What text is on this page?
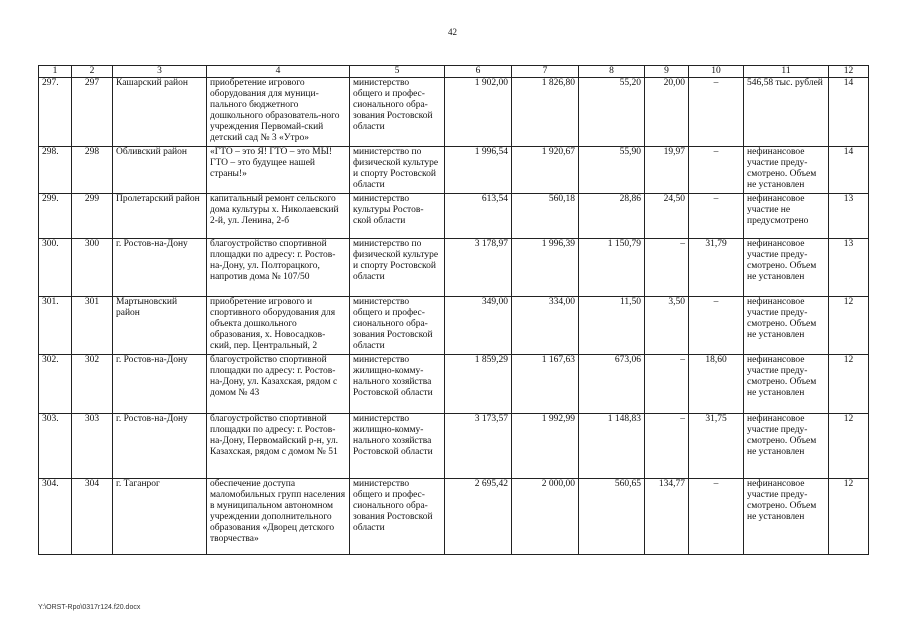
42
1	2	3	4	5	6	7	8	9	10	11	12
297.	297	Кашарский район	приобретение игрового оборудования для муници-пального бюджетного дошкольного образователь-ного учреждения Первомай-ский детский сад № 3 «Утро»	министерство общего и профес-сионального обра-зования Ростовской области	1 902,00	1 826,80	55,20	20,00	–	546,58 тыс. рублей	14
298.	298	Обливский район	«ГТО – это Я! ГТО – это МЫ! ГТО – это будущее нашей страны!»	министерство по физической культуре и спорту Ростовской области	1 996,54	1 920,67	55,90	19,97	–	нефинансовое участие преду-смотрено. Объем не установлен	14
299.	299	Пролетарский район	капитальный ремонт сельского дома культуры х. Николаевский 2-й, ул. Ленина, 2-б	министерство культуры Ростов-ской области	613,54	560,18	28,86	24,50	–	нефинансовое участие не предусмотрено	13
300.	300	г. Ростов-на-Дону	благоустройство спортивной площадки по адресу: г. Ростов-на-Дону, ул. Полторацкого, напротив дома № 107/50	министерство по физической культуре и спорту Ростовской области	3 178,97	1 996,39	1 150,79	–	31,79	нефинансовое участие преду-смотрено. Объем не установлен	13
301.	301	Мартыновский район	приобретение игрового и спортивного оборудования для объекта дошкольного образования, х. Новосадков-ский, пер. Центральный, 2	министерство общего и профес-сионального обра-зования Ростовской области	349,00	334,00	11,50	3,50	–	нефинансовое участие преду-смотрено. Объем не установлен	12
302.	302	г. Ростов-на-Дону	благоустройство спортивной площадки по адресу: г. Ростов-на-Дону, ул. Казахская, рядом с домом № 43	министерство жилищно-комму-нального хозяйства Ростовской области	1 859,29	1 167,63	673,06	–	18,60	нефинансовое участие преду-смотрено. Объем не установлен	12
303.	303	г. Ростов-на-Дону	благоустройство спортивной площадки по адресу: г. Ростов-на-Дону, Первомайский р-н, ул. Казахская, рядом с домом № 51	министерство жилищно-комму-нального хозяйства Ростовской области	3 173,57	1 992,99	1 148,83	–	31,75	нефинансовое участие преду-смотрено. Объем не установлен	12
304.	304	г. Таганрог	обеспечение доступа маломобильных групп населения в муниципальном автономном учреждении дополнительного образования «Дворец детского творчества»	министерство общего и профес-сионального обра-зования Ростовской области	2 695,42	2 000,00	560,65	134,77	–	нефинансовое участие преду-смотрено. Объем не установлен	12
Y:\ORST-Rpo\0317r124.f20.docx
